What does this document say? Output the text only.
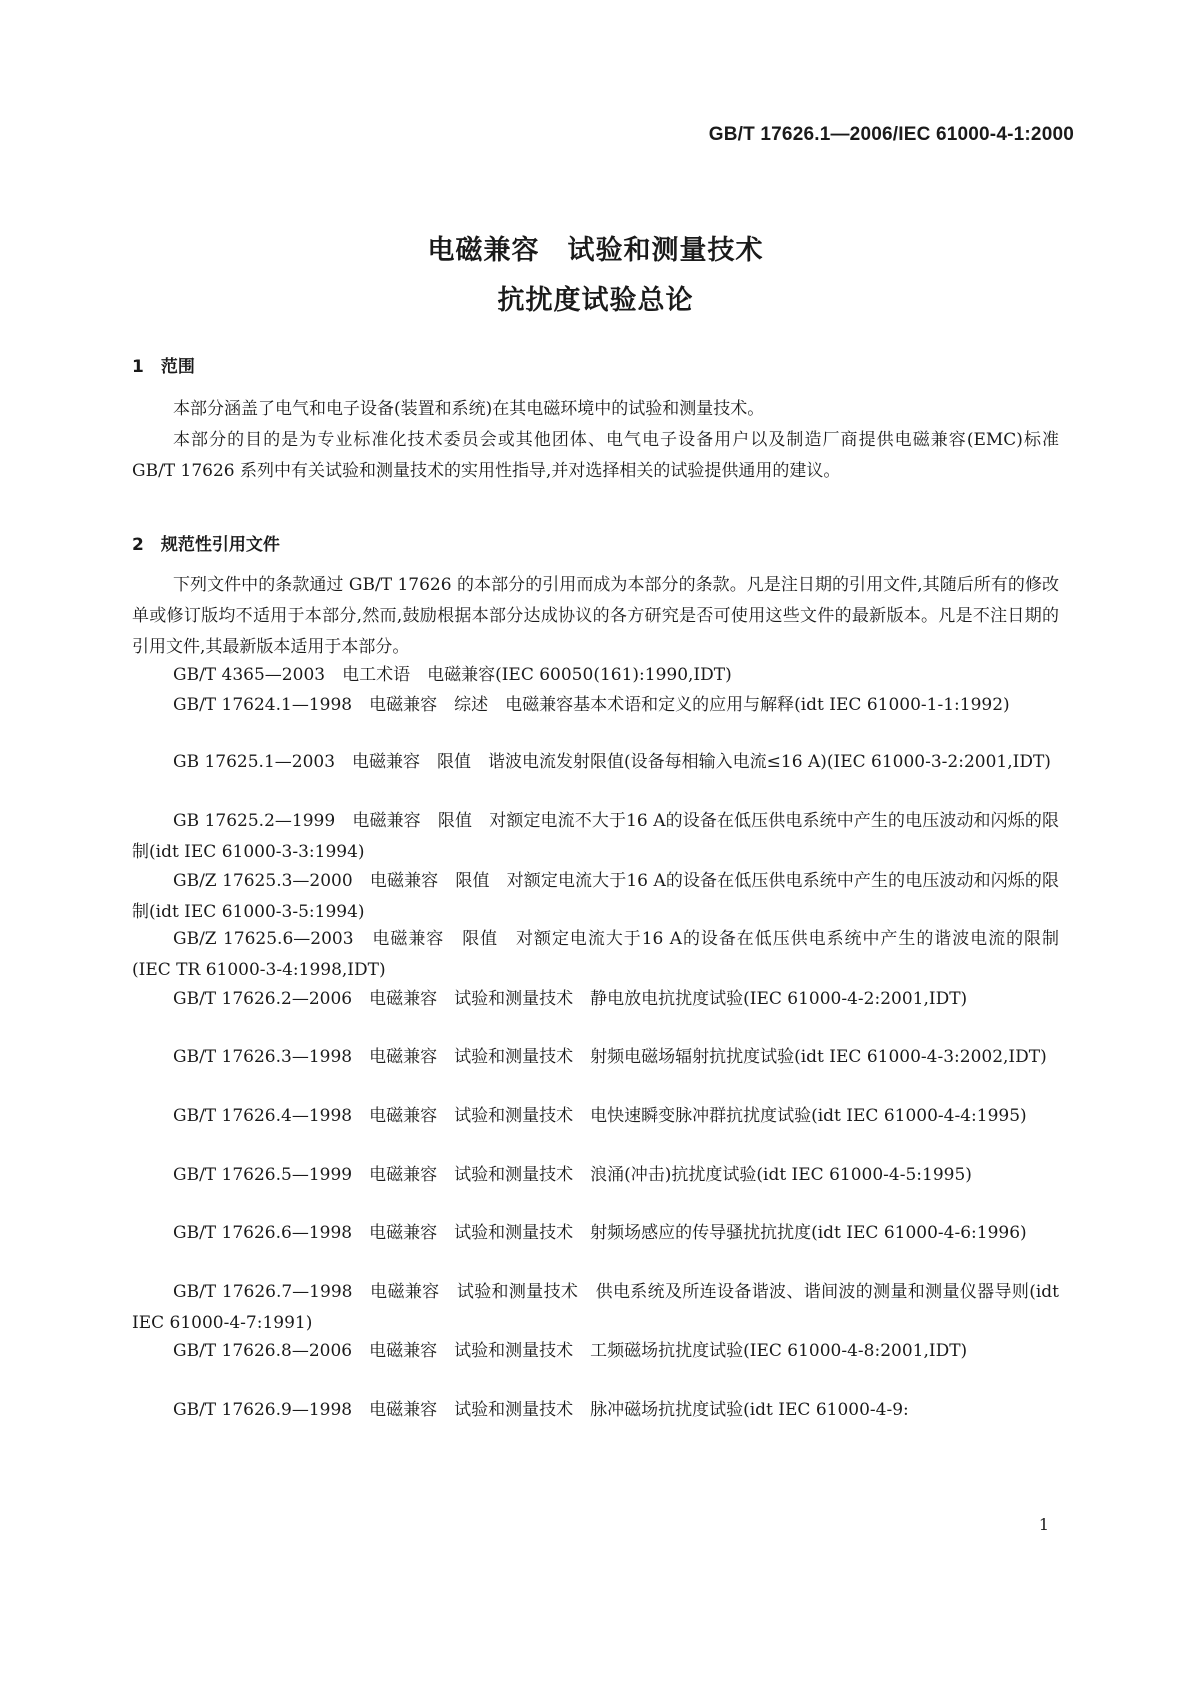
GB/T 17626.1—2006/IEC 61000-4-1:2000
电磁兼容　试验和测量技术
抗扰度试验总论
1　范围
本部分涵盖了电气和电子设备(装置和系统)在其电磁环境中的试验和测量技术。
本部分的目的是为专业标准化技术委员会或其他团体、电气电子设备用户以及制造厂商提供电磁兼容(EMC)标准 GB/T 17626 系列中有关试验和测量技术的实用性指导,并对选择相关的试验提供通用的建议。
2　规范性引用文件
下列文件中的条款通过 GB/T 17626 的本部分的引用而成为本部分的条款。凡是注日期的引用文件,其随后所有的修改单或修订版均不适用于本部分,然而,鼓励根据本部分达成协议的各方研究是否可使用这些文件的最新版本。凡是不注日期的引用文件,其最新版本适用于本部分。
GB/T 4365—2003　电工术语　电磁兼容(IEC 60050(161):1990,IDT)
GB/T 17624.1—1998　电磁兼容　综述　电磁兼容基本术语和定义的应用与解释(idt IEC 61000-1-1:1992)
GB 17625.1—2003　电磁兼容　限值　谐波电流发射限值(设备每相输入电流≤16 A)(IEC 61000-3-2:2001,IDT)
GB 17625.2—1999　电磁兼容　限值　对额定电流不大于16 A的设备在低压供电系统中产生的电压波动和闪烁的限制(idt IEC 61000-3-3:1994)
GB/Z 17625.3—2000　电磁兼容　限值　对额定电流大于16 A的设备在低压供电系统中产生的电压波动和闪烁的限制(idt IEC 61000-3-5:1994)
GB/Z 17625.6—2003　电磁兼容　限值　对额定电流大于16 A的设备在低压供电系统中产生的谐波电流的限制(IEC TR 61000-3-4:1998,IDT)
GB/T 17626.2—2006　电磁兼容　试验和测量技术　静电放电抗扰度试验(IEC 61000-4-2:2001,IDT)
GB/T 17626.3—1998　电磁兼容　试验和测量技术　射频电磁场辐射抗扰度试验(idt IEC 61000-4-3:2002,IDT)
GB/T 17626.4—1998　电磁兼容　试验和测量技术　电快速瞬变脉冲群抗扰度试验(idt IEC 61000-4-4:1995)
GB/T 17626.5—1999　电磁兼容　试验和测量技术　浪涌(冲击)抗扰度试验(idt IEC 61000-4-5:1995)
GB/T 17626.6—1998　电磁兼容　试验和测量技术　射频场感应的传导骚扰抗扰度(idt IEC 61000-4-6:1996)
GB/T 17626.7—1998　电磁兼容　试验和测量技术　供电系统及所连设备谐波、谐间波的测量和测量仪器导则(idt IEC 61000-4-7:1991)
GB/T 17626.8—2006　电磁兼容　试验和测量技术　工频磁场抗扰度试验(IEC 61000-4-8:2001,IDT)
GB/T 17626.9—1998　电磁兼容　试验和测量技术　脉冲磁场抗扰度试验(idt IEC 61000-4-9:
1
